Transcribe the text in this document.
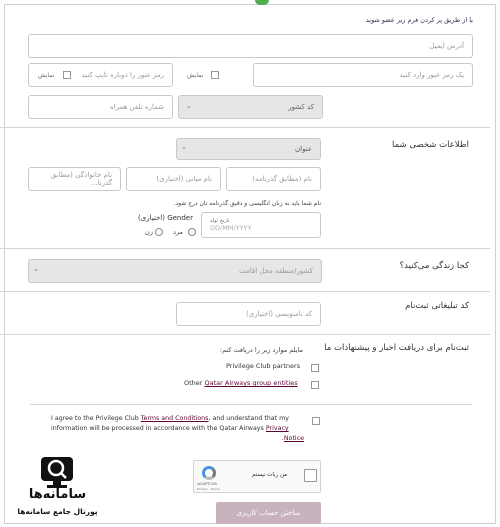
یا از طریق پر کردن فرم زیر عضو شوید
آدرس ایمیل
یک رمز عبور وارد کنید
نمایش
رمز عبور را دوباره تایپ کنید
نمایش
کد کشور
⌄
شماره تلفن همراه
اطلاعات شخصی شما
عنوان
⌄
نام (مطابق گذرنامه)
نام میانی (اختیاری)
نام خانوادگی (مطابق گذرنا...
نام شما باید به زبان انگلیسی و دقیق گذرنامه تان درج شود.
تاریخ تولد
DD/MM/YYYY
Gender (اختیاری)
مرد
زن
کجا زندگی می‌کنید؟
کشور/منطقه محل اقامت
⌄
کد تبلیغاتی ثبت‌نام
کد نامنویسی (اختیاری)
ثبت‌نام برای دریافت اخبار و پیشنهادات ما
مایلم موارد زیر را دریافت کنم:
Privilege Club partners
Other Qatar Airways group entities
I agree to the Privilege Club Terms and Conditions, and understand that my
information will be processed in accordance with the Qatar Airways Privacy
.Notice
من ربات نیستم
reCAPTCHA
Privacy - Terms
ساختن حساب کاربری
سامانه‌ها
پورتال جامع سامانه‌ها
